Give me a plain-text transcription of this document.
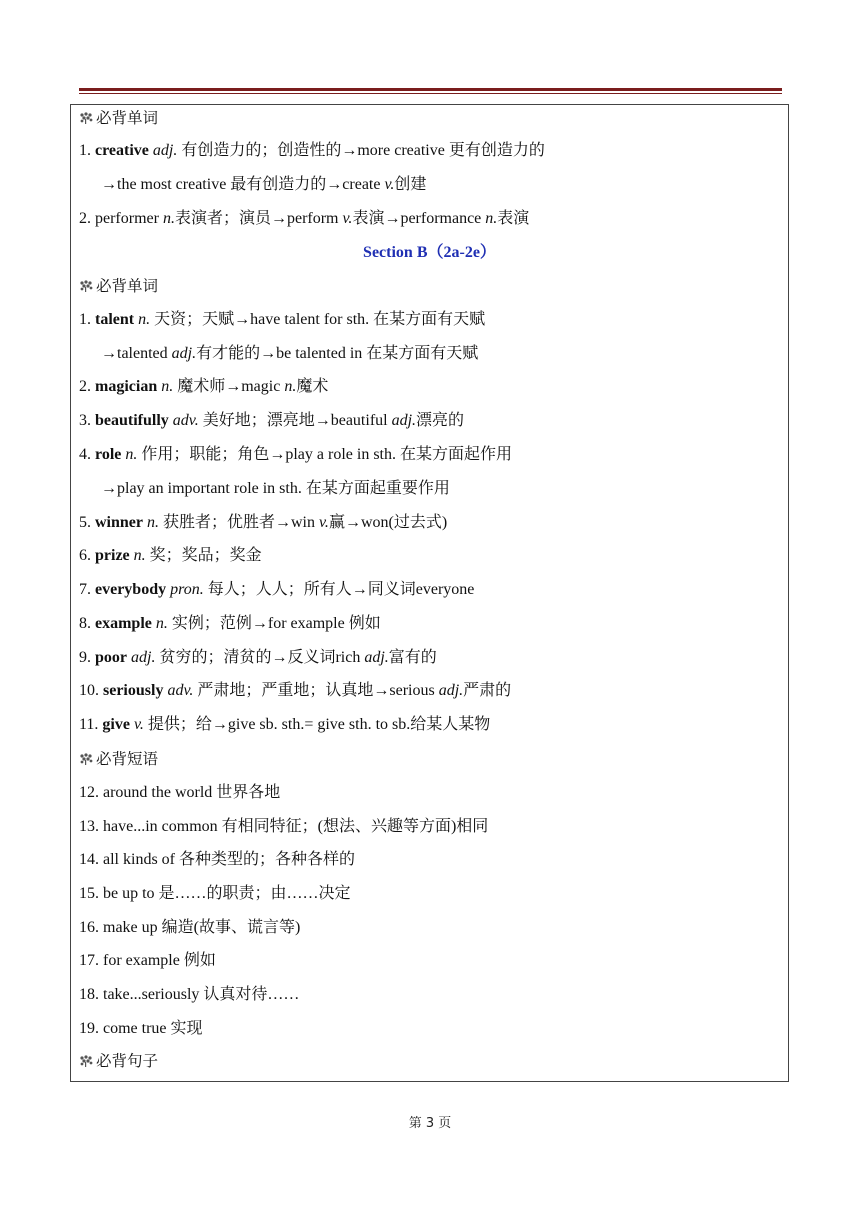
必背单词
1. creative adj. 有创造力的；创造性的→more creative 更有创造力的
→the most creative 最有创造力的→create v.创建
2. performer n.表演者；演员→perform v.表演→performance n.表演
Section B（2a-2e）
必背单词
1. talent n. 天资；天赋→have talent for sth. 在某方面有天赋
→talented adj.有才能的→be talented in 在某方面有天赋
2. magician n. 魔术师→magic n.魔术
3. beautifully adv. 美好地；漂亮地→beautiful adj.漂亮的
4. role n. 作用；职能；角色→play a role in sth. 在某方面起作用
→play an important role in sth. 在某方面起重要作用
5. winner n. 获胜者；优胜者→win v.赢→won(过去式)
6. prize n. 奖；奖品；奖金
7. everybody pron. 每人；人人；所有人→同义词everyone
8. example n. 实例；范例→for example 例如
9. poor adj. 贫穷的；清贫的→反义词rich adj.富有的
10. seriously adv. 严肃地；严重地；认真地→serious adj.严肃的
11. give v. 提供；给→give sb. sth.= give sth. to sb.给某人某物
必背短语
12. around the world 世界各地
13. have...in common 有相同特征；(想法、兴趣等方面)相同
14. all kinds of 各种类型的；各种各样的
15. be up to 是……的职责；由……决定
16. make up 编造(故事、谎言等)
17. for example 例如
18. take...seriously 认真对待……
19. come true 实现
必背句子
第 3 页
